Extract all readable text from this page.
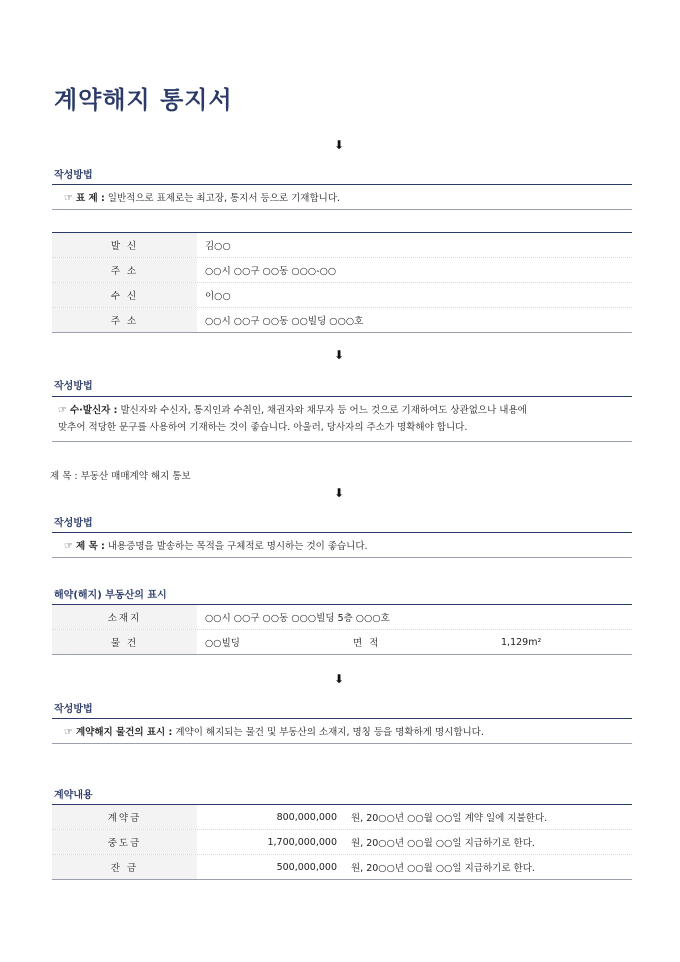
계약해지 통지서
⬇
작성방법
☞ 표 제 : 일반적으로 표제로는 최고장, 통지서 등으로 기재합니다.
발 신	김○○
주 소	○○시 ○○구 ○○동 ○○○-○○
수 신	이○○
주 소	○○시 ○○구 ○○동 ○○빌딩 ○○○호
⬇
작성방법
☞ 수·발신자 : 발신자와 수신자, 통지인과 수취인, 채권자와 채무자 등 어느 것으로 기재하여도 상관없으나 내용에
맞추어 적당한 문구를 사용하여 기재하는 것이 좋습니다. 아울러, 당사자의 주소가 명확해야 합니다.
제 목 : 부동산 매매계약 해지 통보
⬇
작성방법
☞ 제 목 : 내용증명을 발송하는 목적을 구체적로 명시하는 것이 좋습니다.
해약(해지) 부동산의 표시
소재지	○○시 ○○구 ○○동 ○○○빌딩 5층 ○○○호
물 건	○○빌딩	면 적	1,129m²
⬇
작성방법
☞ 계약해지 물건의 표시 : 계약이 해지되는 물건 및 부동산의 소재지, 명칭 등을 명확하게 명시합니다.
계약내용
계약금	800,000,000	원, 20○○년 ○○월 ○○일 계약 일에 지불한다.
중도금	1,700,000,000	원, 20○○년 ○○월 ○○일 지급하기로 한다.
잔 금	500,000,000	원, 20○○년 ○○월 ○○일 지급하기로 한다.
